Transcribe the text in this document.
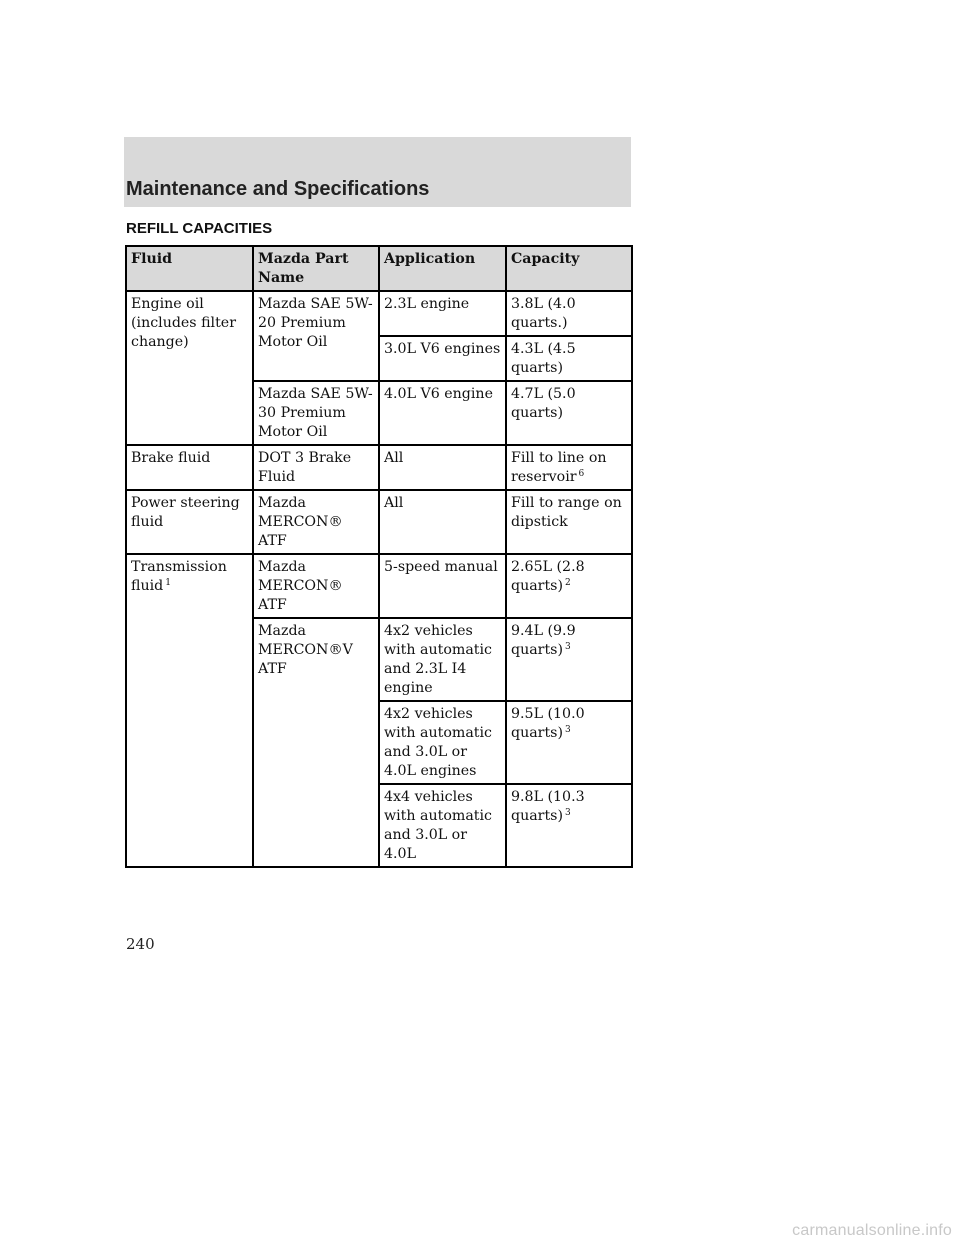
Maintenance and Specifications
REFILL CAPACITIES
Fluid	Mazda Part Name	Application	Capacity
Engine oil (includes filter change)	Mazda SAE 5W-20 Premium Motor Oil	2.3L engine	3.8L (4.0 quarts.)
		3.0L V6 engines	4.3L (4.5 quarts)
	Mazda SAE 5W-30 Premium Motor Oil	4.0L V6 engine	4.7L (5.0 quarts)
Brake fluid	DOT 3 Brake Fluid	All	Fill to line on reservoir $^6$
Power steering fluid	Mazda MERCON® ATF	All	Fill to range on dipstick
Transmission fluid $^1$	Mazda MERCON® ATF	5-speed manual	2.65L (2.8 quarts) $^2$
	Mazda MERCON®V ATF	4x2 vehicles with automatic and 2.3L I4 engine	9.4L (9.9 quarts) $^3$
		4x2 vehicles with automatic and 3.0L or 4.0L engines	9.5L (10.0 quarts) $^3$
		4x4 vehicles with automatic and 3.0L or 4.0L	9.8L (10.3 quarts) $^3$
240
carmanualsonline.info
